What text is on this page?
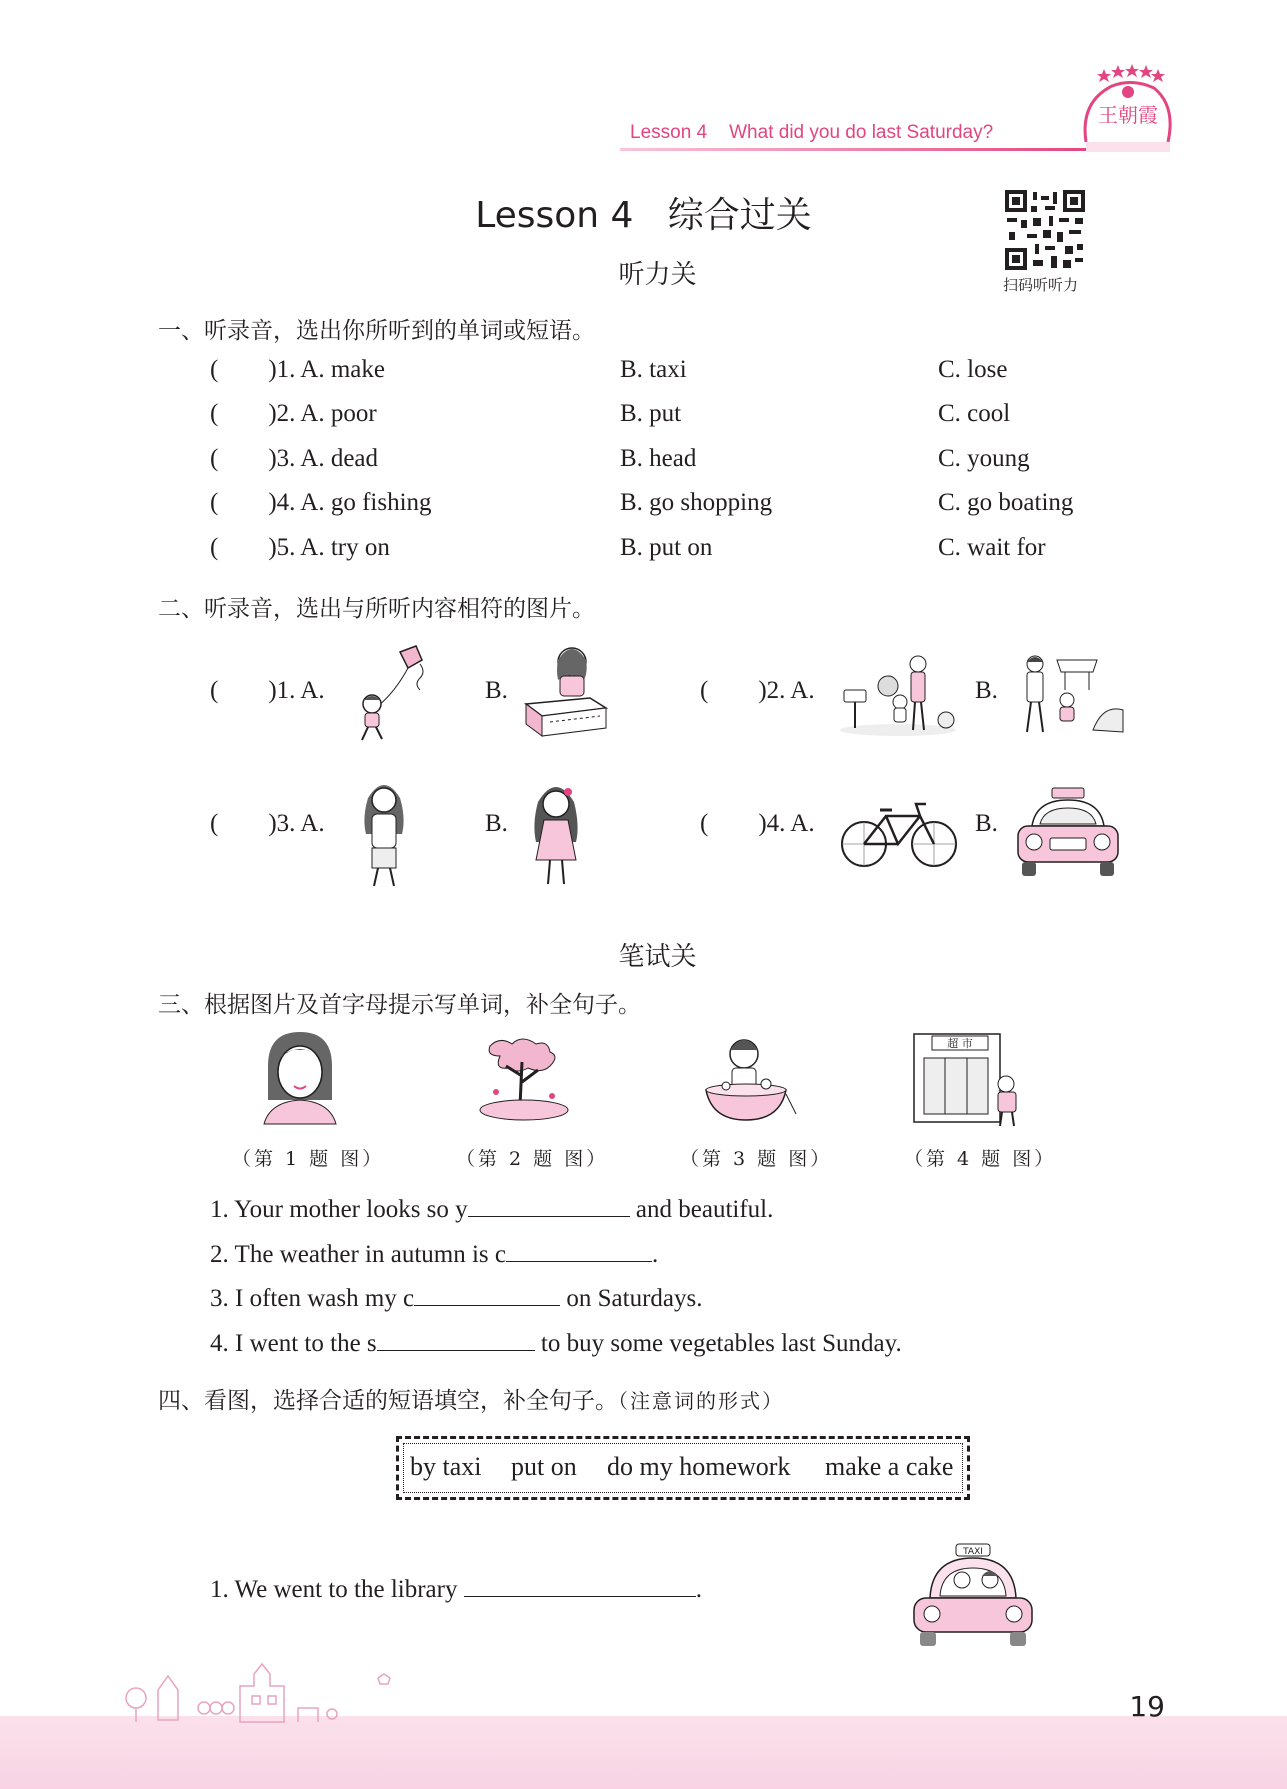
Lesson 4 What did you do last Saturday?
王朝霞
Lesson 4   综合过关
扫码听听力
听力关
一、听录音，选出你所听到的单词或短语。
(        )1. A. make	B. taxi	C. lose
(        )2. A. poor	B. put	C. cool
(        )3. A. dead	B. head	C. young
(        )4. A. go fishing	B. go shopping	C. go boating
(        )5. A. try on	B. put on	C. wait for
二、听录音，选出与所听内容相符的图片。
(        )1. A.	B.	(        )2. A.	B.
(        )3. A.	B.	(        )4. A.	B.
笔试关
三、根据图片及首字母提示写单词，补全句子。
超 市
（第 1 题 图）	（第 2 题 图）	（第 3 题 图）	（第 4 题 图）
1. Your mother looks so y	and beautiful.
2. The weather in autumn is c	.
3. I often wash my c	on Saturdays.
4. I went to the s	to buy some vegetables last Sunday.
四、看图，选择合适的短语填空，补全句子。（注意词的形式）
by taxi put on do my homework make a cake
1. We went to the library	.
TAXI
19
